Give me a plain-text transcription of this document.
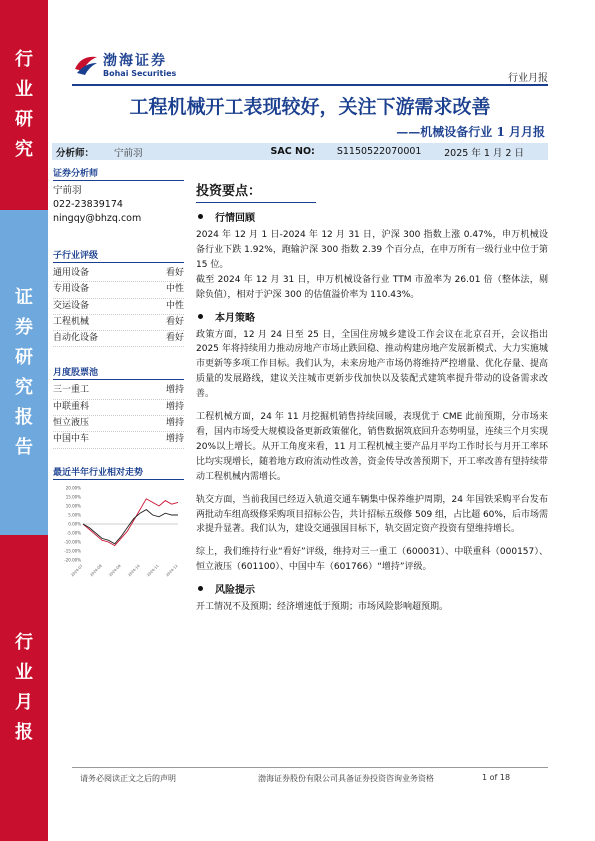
行
业
研
究
证
券
研
究
报
告
行
业
月
报
渤海证券
Bohai Securities	行业月报
工程机械开工表现较好，关注下游需求改善
——机械设备行业 1 月月报
分析师： 宁前羽	SAC NO: S1150522070001 2025 年 1 月 2 日
证券分析师
宁前羽
022-23839174
ningqy@bhzq.com
子行业评级
通用设备	看好
专用设备	中性
交运设备	中性
工程机械	看好
自动化设备	看好
月度股票池
三一重工	增持
中联重科	增持
恒立液压	增持
中国中车	增持
最近半年行业相对走势
20.00%
15.00%
10.00%
5.00%
0.00%
-5.00%
-10.00%
-15.00%
-20.00%
2024-07 2024-08 2024-09 2024-10 2024-11 2024-12
投资要点：
行情回顾
2024 年 12 月 1 日-2024 年 12 月 31 日，沪深 300 指数上涨 0.47%，申万机械设备行业下跌 1.92%，跑输沪深 300 指数 2.39 个百分点，在申万所有一级行业中位于第 15 位。
截至 2024 年 12 月 31 日，申万机械设备行业 TTM 市盈率为 26.01 倍（整体法，剔除负值），相对于沪深 300 的估值溢价率为 110.43%。
本月策略
政策方面，12 月 24 日至 25 日，全国住房城乡建设工作会议在北京召开，会议指出 2025 年将持续用力推动房地产市场止跌回稳、推动构建房地产发展新模式、大力实施城市更新等多项工作目标。我们认为，未来房地产市场仍将维持严控增量、优化存量、提高质量的发展路线，建议关注城市更新步伐加快以及装配式建筑率提升带动的设备需求改善。
工程机械方面，24 年 11 月挖掘机销售持续回暖，表现优于 CME 此前预期，分市场来看，国内市场受大规模设备更新政策催化，销售数据筑底回升态势明显，连续三个月实现 20%以上增长。从开工角度来看，11 月工程机械主要产品月平均工作时长与月开工率环比均实现增长，随着地方政府流动性改善，资金传导改善预期下，开工率改善有望持续带动工程机械内需增长。
轨交方面，当前我国已经迈入轨道交通车辆集中保养维护周期，24 年国铁采购平台发布两批动车组高级修采购项目招标公告，共计招标五级修 509 组，占比超 60%，后市场需求提升显著。我们认为，建设交通强国目标下，轨交固定资产投资有望维持增长。
综上，我们维持行业“看好”评级，维持对三一重工（600031）、中联重科（000157）、恒立液压（601100）、中国中车（601766）“增持”评级。
风险提示
开工情况不及预期；经济增速低于预期；市场风险影响超预期。
请务必阅读正文之后的声明	渤海证券股份有限公司具备证券投资咨询业务资格	1 of 18
